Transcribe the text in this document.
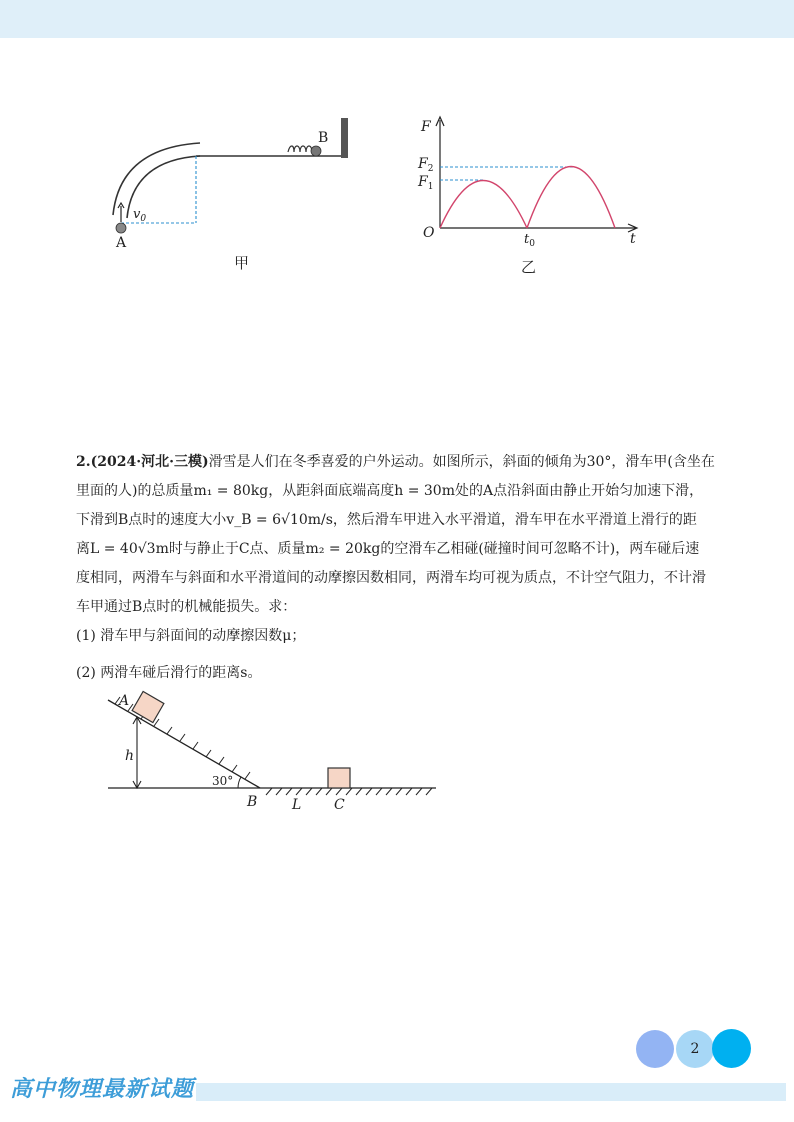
B
$v_0$
A
甲
F
$F_2$
$F_1$
O	$t_0$	t
乙

2.(2024·河北·三模)滑雪是人们在冬季喜爱的户外运动。如图所示，斜面的倾角为30°，滑车甲(含坐在
里面的人)的总质量m₁ = 80kg，从距斜面底端高度h = 30m处的A点沿斜面由静止开始匀加速下滑，
下滑到B点时的速度大小v_B = 6√10m/s，然后滑车甲进入水平滑道，滑车甲在水平滑道上滑行的距
离L = 40√3m时与静止于C点、质量m₂ = 20kg的空滑车乙相碰(碰撞时间可忽略不计)，两车碰后速
度相同，两滑车与斜面和水平滑道间的动摩擦因数相同，两滑车均可视为质点，不计空气阻力，不计滑
车甲通过B点时的机械能损失。求：

(1) 滑车甲与斜面间的动摩擦因数μ；

(2) 两滑车碰后滑行的距离s。

A
h
30°
B L C
2
高中物理最新试题
